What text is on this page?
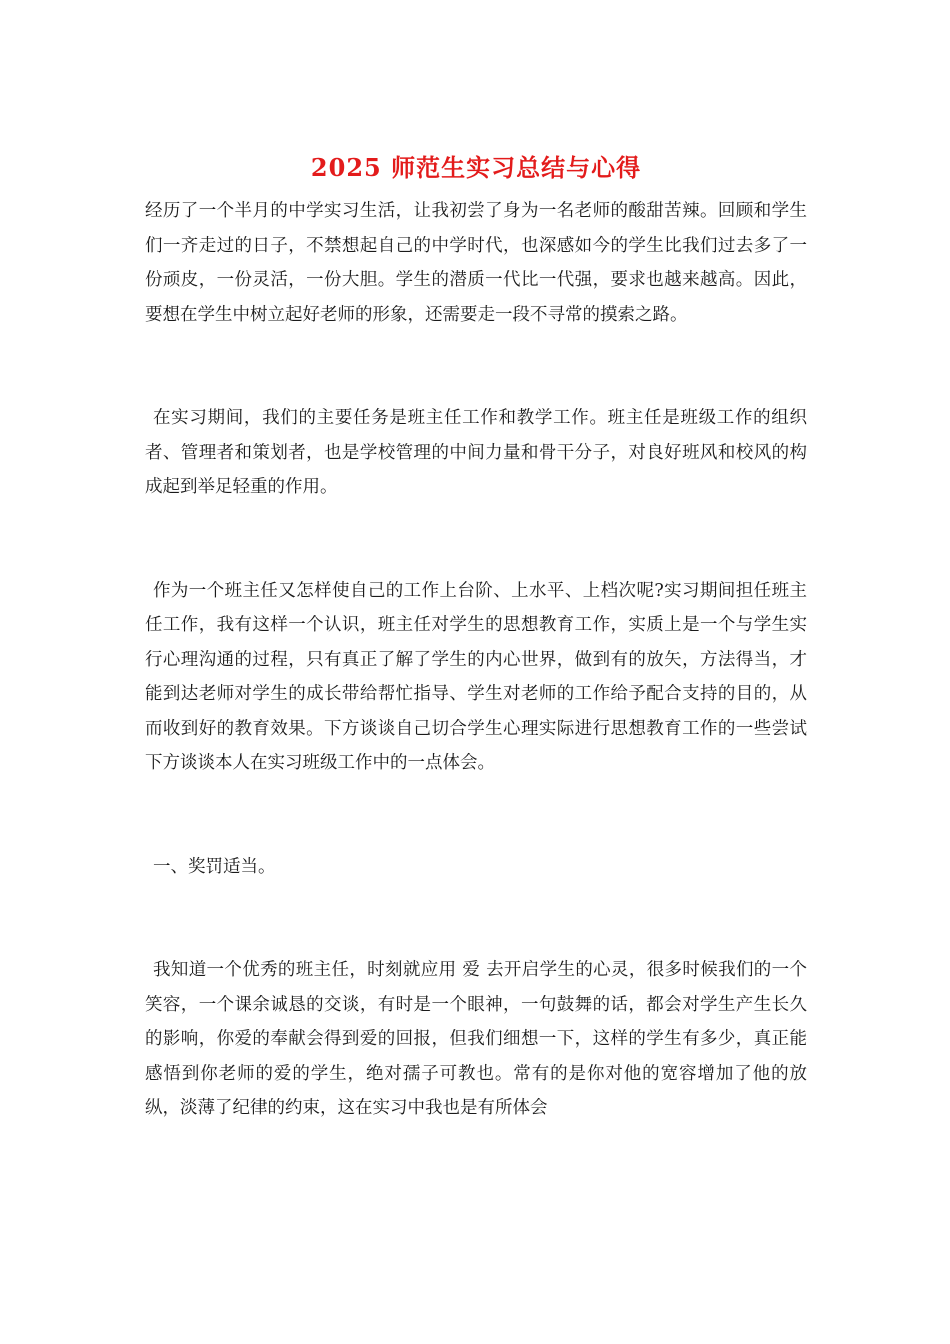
2025 师范生实习总结与心得

经历了一个半月的中学实习生活，让我初尝了身为一名老师的酸甜苦辣。回顾和学生们一齐走过的日子，不禁想起自己的中学时代，也深感如今的学生比我们过去多了一份顽皮，一份灵活，一份大胆。学生的潜质一代比一代强，要求也越来越高。因此，要想在学生中树立起好老师的形象，还需要走一段不寻常的摸索之路。

在实习期间，我们的主要任务是班主任工作和教学工作。班主任是班级工作的组织者、管理者和策划者，也是学校管理的中间力量和骨干分子，对良好班风和校风的构成起到举足轻重的作用。

作为一个班主任又怎样使自己的工作上台阶、上水平、上档次呢?实习期间担任班主任工作，我有这样一个认识，班主任对学生的思想教育工作，实质上是一个与学生实行心理沟通的过程，只有真正了解了学生的内心世界，做到有的放矢，方法得当，才能到达老师对学生的成长带给帮忙指导、学生对老师的工作给予配合支持的目的，从而收到好的教育效果。下方谈谈自己切合学生心理实际进行思想教育工作的一些尝试下方谈谈本人在实习班级工作中的一点体会。

一、奖罚适当。

我知道一个优秀的班主任，时刻就应用 爱 去开启学生的心灵，很多时候我们的一个笑容，一个课余诚恳的交谈，有时是一个眼神，一句鼓舞的话，都会对学生产生长久的影响，你爱的奉献会得到爱的回报，但我们细想一下，这样的学生有多少，真正能感悟到你老师的爱的学生，绝对孺子可教也。常有的是你对他的宽容增加了他的放纵，淡薄了纪律的约束，这在实习中我也是有所体会
